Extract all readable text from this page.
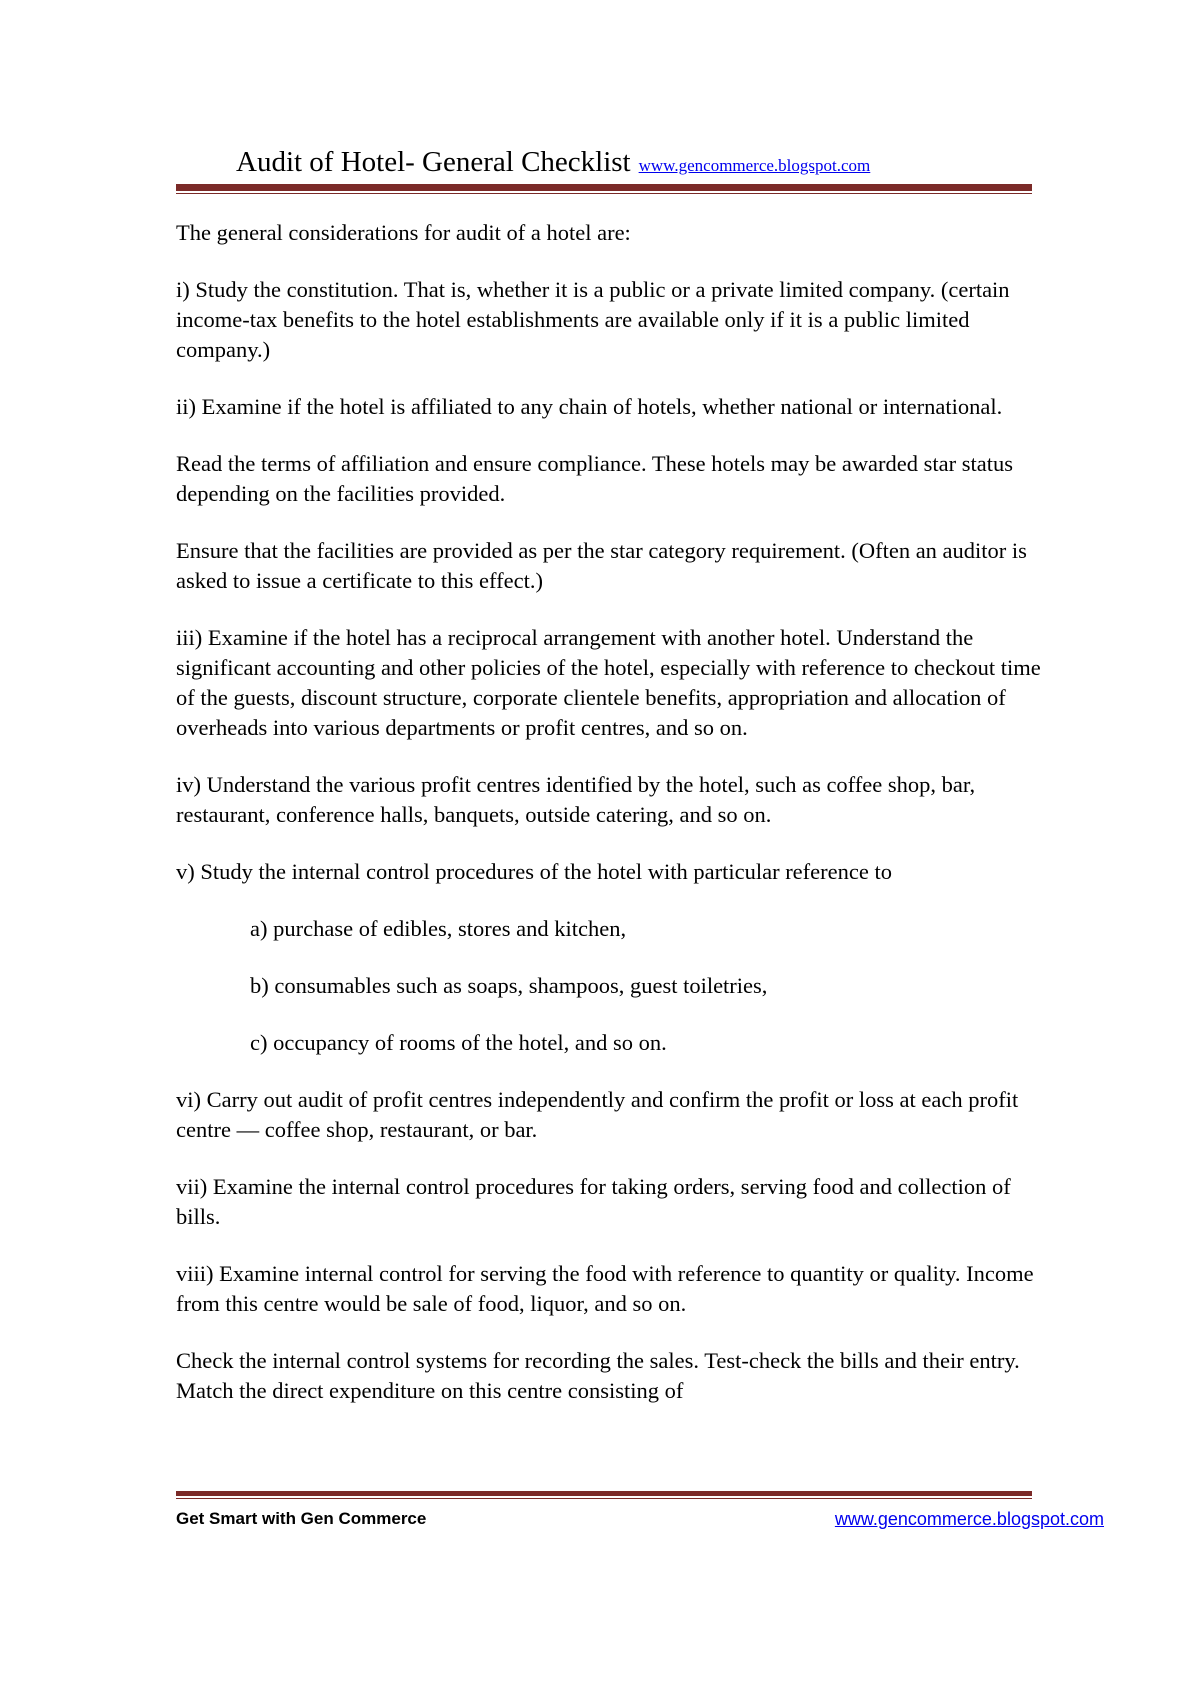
Audit of Hotel- General Checklist www.gencommerce.blogspot.com

The general considerations for audit of a hotel are:

i) Study the constitution. That is, whether it is a public or a private limited company. (certain income-tax benefits to the hotel establishments are available only if it is a public limited company.)

ii) Examine if the hotel is affiliated to any chain of hotels, whether national or international.

Read the terms of affiliation and ensure compliance. These hotels may be awarded star status depending on the facilities provided.

Ensure that the facilities are provided as per the star category requirement. (Often an auditor is asked to issue a certificate to this effect.)

iii) Examine if the hotel has a reciprocal arrangement with another hotel. Understand the significant accounting and other policies of the hotel, especially with reference to checkout time of the guests, discount structure, corporate clientele benefits, appropriation and allocation of overheads into various departments or profit centres, and so on.

iv) Understand the various profit centres identified by the hotel, such as coffee shop, bar, restaurant, conference halls, banquets, outside catering, and so on.

v) Study the internal control procedures of the hotel with particular reference to

a) purchase of edibles, stores and kitchen,

b) consumables such as soaps, shampoos, guest toiletries,

c) occupancy of rooms of the hotel, and so on.

vi) Carry out audit of profit centres independently and confirm the profit or loss at each profit centre — coffee shop, restaurant, or bar.

vii) Examine the internal control procedures for taking orders, serving food and collection of bills.

viii) Examine internal control for serving the food with reference to quantity or quality. Income from this centre would be sale of food, liquor, and so on.

Check the internal control systems for recording the sales. Test-check the bills and their entry. Match the direct expenditure on this centre consisting of

Get Smart with Gen Commerce	www.gencommerce.blogspot.com
